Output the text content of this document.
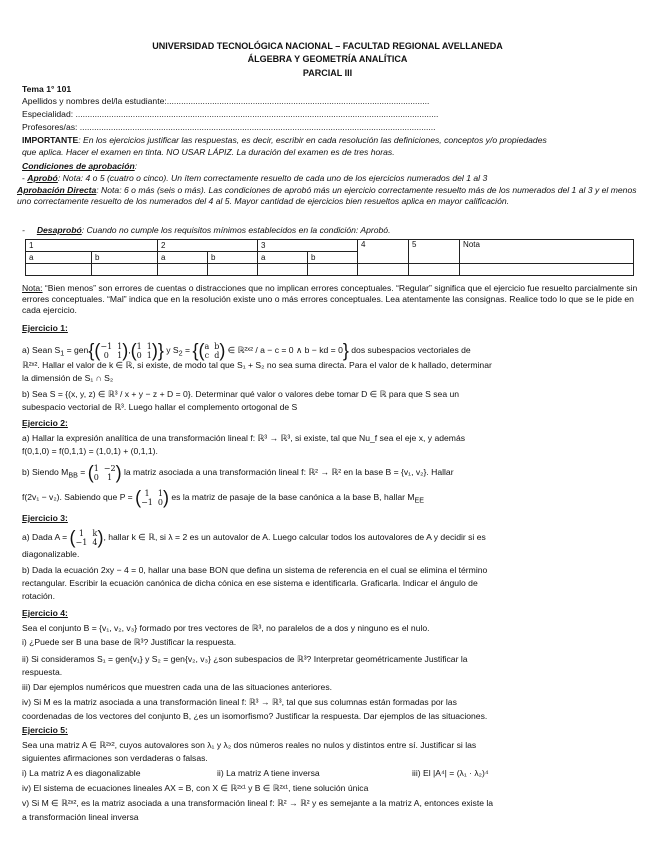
UNIVERSIDAD TECNOLÓGICA NACIONAL – FACULTAD REGIONAL AVELLANEDA
ÁLGEBRA Y GEOMETRÍA ANALÍTICA
PARCIAL III
Tema 1° 101
Apellidos y nombres del/la estudiante:..............................................................................................................
Especialidad: ........................................................................................................................................................
Profesores/as: .....................................................................................................................................................
IMPORTANTE: En los ejercicios justificar las respuestas, es decir, escribir en cada resolución las definiciones, conceptos y/o propiedades
que aplica. Hacer el examen en tinta. NO USAR LÁPIZ. La duración del examen es de tres horas.
Condiciones de aprobación:
- Aprobó: Nota: 4 o 5 (cuatro o cinco). Un ítem correctamente resuelto de cada uno de los ejercicios numerados del 1 al 3
Aprobación Directa: Nota: 6 o más (seis o más). Las condiciones de aprobó más un ejercicio correctamente resuelto más de los numerados del 1 al 3 y el menos uno correctamente resuelto de los numerados del 4 al 5. Mayor cantidad de ejercicios bien resueltos aplica en mayor calificación.
-     Desaprobó: Cuando no cumple los requisitos mínimos establecidos en la condición: Aprobó.
1		2		3		4	5	Nota
a	b	a	b	a	b			

Nota: “Bien menos” son errores de cuentas o distracciones que no implican errores conceptuales. “Regular” significa que el ejercicio fue resuelto parcialmente sin errores conceptuales. “Mal” indica que en la resolución existe uno o más errores conceptuales. Lea atentamente las consignas. Realice todo lo que se le pide en cada ejercicio.
Ejercicio 1:
a) Sean $S_1 = gen\{( -1$ 1
0	1 ),( 1 1
0 1 )} y $S_2$ = {( a b
c d ) ∈ ℝ²ˣ² / a − c = 0 ∧ b − kd = 0} dos subespacios vectoriales de
ℝ²ˣ². Hallar el valor de k ∈ ℝ, si existe, de modo tal que S₁ + S₂ no sea suma directa. Para el valor de k hallado, determinar
la dimensión de S₁ ∩ S₂
b) Sea S = {(x, y, z) ∈ ℝ³ / x + y − z + D = 0}. Determinar qué valor o valores debe tomar D ∈ ℝ para que S sea un
subespacio vectorial de ℝ³. Luego hallar el complemento ortogonal de S
Ejercicio 2:
a) Hallar la expresión analítica de una transformación lineal f: ℝ³ → ℝ³, si existe, tal que Nu_f sea el eje x, y además
f(0,1,0) = f(0,1,1) = (1,0,1) + (0,1,1).
b) Siendo $M_{BB}$ = ( 1 −2
0	1 ) la matriz asociada a una transformación lineal f: ℝ² → ℝ² en la base B = {v₁, v₂}. Hallar
f(2v₁ − v₂). Sabiendo que P = ( 1	1
−1 0 ) es la matriz de pasaje de la base canónica a la base B, hallar $M_{EE}$
Ejercicio 3:
a) Dada A = ( 1	k
−1 4 ), hallar k ∈ ℝ, si λ = 2 es un autovalor de A. Luego calcular todos los autovalores de A y decidir si es
diagonalizable.
b) Dada la ecuación 2xy − 4 = 0, hallar una base BON que defina un sistema de referencia en el cual se elimina el término
rectangular. Escribir la ecuación canónica de dicha cónica en ese sistema e identificarla. Graficarla. Indicar el ángulo de
rotación.
Ejercicio 4:
Sea el conjunto B = {v₁, v₂, v₃} formado por tres vectores de ℝ³, no paralelos de a dos y ninguno es el nulo.
i) ¿Puede ser B una base de ℝ³? Justificar la respuesta.
ii) Si consideramos S₁ = gen{v₁} y S₂ = gen{v₂, v₃} ¿son subespacios de ℝ³? Interpretar geométricamente Justificar la
respuesta.
iii) Dar ejemplos numéricos que muestren cada una de las situaciones anteriores.
iv) Si M es la matriz asociada a una transformación lineal f: ℝ³ → ℝ³, tal que sus columnas están formadas por las
coordenadas de los vectores del conjunto B, ¿es un isomorfismo? Justificar la respuesta. Dar ejemplos de las situaciones.
Ejercicio 5:
Sea una matriz A ∈ ℝ²ˣ², cuyos autovalores son λ₁ y λ₂ dos números reales no nulos y distintos entre sí. Justificar si las
siguientes afirmaciones son verdaderas o falsas.
i) La matriz A es diagonalizable	ii) La matriz A tiene inversa	iii) El |A⁴| = (λ₁ · λ₂)⁴
iv) El sistema de ecuaciones lineales AX = B, con X ∈ ℝ²ˣ¹ y B ∈ ℝ²ˣ¹, tiene solución única
v) Si M ∈ ℝ²ˣ², es la matriz asociada a una transformación lineal f: ℝ² → ℝ² y es semejante a la matriz A, entonces existe la
a transformación lineal inversa
